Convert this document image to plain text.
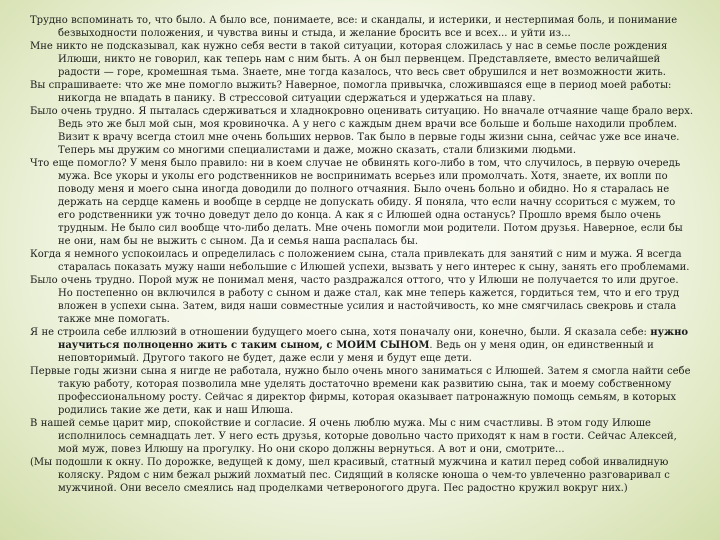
Трудно вспоминать то, что было. А было все, понимаете, все: и скандалы, и истерики, и нестерпимая боль, и понимание безвыходности положения, и чувства вины и стыда, и желание бросить все и всех... и уйти из...

Мне никто не подсказывал, как нужно себя вести в такой ситуации, которая сложилась у нас в семье после рождения Илюши, никто не говорил, как теперь нам с ним быть. А он был первенцем. Представляете, вместо величайшей радости — горе, кромешная тьма. Знаете, мне тогда казалось, что весь свет обрушился и нет возможности жить.

Вы спрашиваете: что же мне помогло выжить? Наверное, помогла привычка, сложившаяся еще в период моей работы: никогда не впадать в панику. В стрессовой ситуации сдержаться и удержаться на плаву.

Было очень трудно. Я пыталась сдерживаться и хладнокровно оценивать ситуацию. Но вначале отчаяние чаще брало верх. Ведь это же был мой сын, моя кровиночка. А у него с каждым днем врачи все больше и больше находили проблем. Визит к врачу всегда стоил мне очень больших нервов. Так было в первые годы жизни сына, сейчас уже все иначе. Теперь мы дружим со многими специалистами и даже, можно сказать, стали близкими людьми.

Что еще помогло? У меня было правило: ни в коем случае не обвинять кого-либо в том, что случилось, в первую очередь мужа. Все укоры и уколы его родственников не воспринимать всерьез или промолчать. Хотя, знаете, их вопли по поводу меня и моего сына иногда доводили до полного отчаяния. Было очень больно и обидно. Но я старалась не держать на сердце камень и вообще в сердце не допускать обиду. Я поняла, что если начну ссориться с мужем, то его родственники уж точно доведут дело до конца. А как я с Илюшей одна останусь? Прошло время было очень трудным. Не было сил вообще что-либо делать. Мне очень помогли мои родители. Потом друзья. Наверное, если бы не они, нам бы не выжить с сыном. Да и семья наша распалась бы.

Когда я немного успокоилась и определилась с положением сына, стала привлекать для занятий с ним и мужа. Я всегда старалась показать мужу наши небольшие с Илюшей успехи, вызвать у него интерес к сыну, занять его проблемами.

Было очень трудно. Порой муж не понимал меня, часто раздражался оттого, что у Илюши не получается то или другое. Но постепенно он включился в работу с сыном и даже стал, как мне теперь кажется, гордиться тем, что и его труд вложен в успехи сына. Затем, видя наши совместные усилия и настойчивость, ко мне смягчилась свекровь и стала также мне помогать.

Я не строила себе иллюзий в отношении будущего моего сына, хотя поначалу они, конечно, были. Я сказала себе: нужно научиться полноценно жить с таким сыном, с МОИМ СЫНОМ. Ведь он у меня один, он единственный и неповторимый. Другого такого не будет, даже если у меня и будут еще дети.

Первые годы жизни сына я нигде не работала, нужно было очень много заниматься с Илюшей. Затем я смогла найти себе такую работу, которая позволила мне уделять достаточно времени как развитию сына, так и моему собственному профессиональному росту. Сейчас я директор фирмы, которая оказывает патронажную помощь семьям, в которых родились такие же дети, как и наш Илюша.

В нашей семье царит мир, спокойствие и согласие. Я очень люблю мужа. Мы с ним счастливы. В этом году Илюше исполнилось семнадцать лет. У него есть друзья, которые довольно часто приходят к нам в гости. Сейчас Алексей, мой муж, повез Илюшу на прогулку. Но они скоро должны вернуться. А вот и они, смотрите...

(Мы подошли к окну. По дорожке, ведущей к дому, шел красивый, статный мужчина и катил перед собой инвалидную коляску. Рядом с ним бежал рыжий лохматый пес. Сидящий в коляске юноша о чем-то увлеченно разговаривал с мужчиной. Они весело смеялись над проделками четвероногого друга. Пес радостно кружил вокруг них.)
